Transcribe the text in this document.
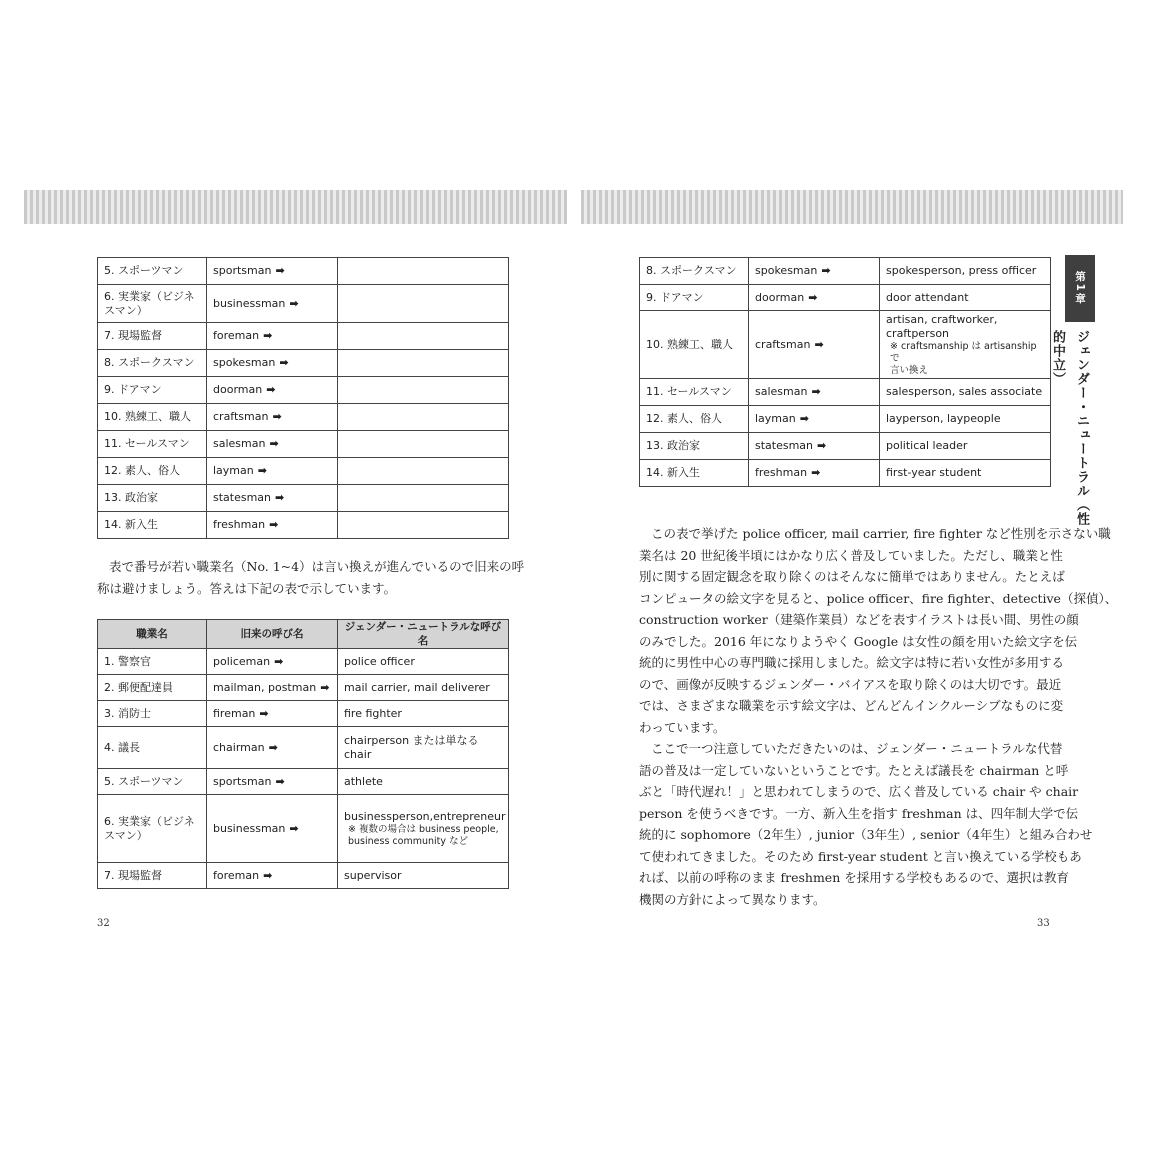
5. スポーツマン	sportsman ➡	

6. 実業家（ビジネ
スマン）	businessman ➡	

7. 現場監督	foreman ➡	

8. スポークスマン	spokesman ➡	

9. ドアマン	doorman ➡	

10. 熟練工、職人	craftsman ➡	

11. セールスマン	salesman ➡	

12. 素人、俗人	layman ➡	

13. 政治家	statesman ➡	

14. 新入生	freshman ➡	
表で番号が若い職業名（No. 1~4）は言い換えが進んでいるので旧来の呼
称は避けましょう。答えは下記の表で示しています。
職業名	旧来の呼び名	ジェンダー・ニュートラルな呼び名

1. 警察官	policeman ➡	police officer

2. 郵便配達員	mailman, postman ➡	mail carrier, mail deliverer

3. 消防士	fireman ➡	fire fighter

4. 議長	chairman ➡	chairperson または単なるchair

5. スポーツマン	sportsman ➡	athlete

6. 実業家（ビジネ
スマン）	businessman ➡	businessperson,entrepreneur
※ 複数の場合は business people,
business community など

7. 現場監督	foreman ➡	supervisor
32
8. スポークスマン	spokesman ➡	spokesperson, press officer

9. ドアマン	doorman ➡	door attendant

10. 熟練工、職人	craftsman ➡	artisan, craftworker, craftperson
※ craftsmanship は artisanship で
言い換え

11. セールスマン	salesman ➡	salesperson, sales associate

12. 素人、俗人	layman ➡	layperson, laypeople

13. 政治家	statesman ➡	political leader

14. 新入生	freshman ➡	first-year student
この表で挙げた police officer, mail carrier, fire fighter など性別を示さない職
業名は 20 世紀後半頃にはかなり広く普及していました。ただし、職業と性
別に関する固定観念を取り除くのはそんなに簡単ではありません。たとえば
コンピュータの絵文字を見ると、police officer、fire fighter、detective（探偵）、
construction worker（建築作業員）などを表すイラストは長い間、男性の顔
のみでした。2016 年になりようやく Google は女性の顔を用いた絵文字を伝
統的に男性中心の専門職に採用しました。絵文字は特に若い女性が多用する
ので、画像が反映するジェンダー・バイアスを取り除くのは大切です。最近
では、さまざまな職業を示す絵文字は、どんどんインクルーシブなものに変
わっています。
ここで一つ注意していただきたいのは、ジェンダー・ニュートラルな代替
語の普及は一定していないということです。たとえば議長を chairman と呼
ぶと「時代遅れ！」と思われてしまうので、広く普及している chair や chair
person を使うべきです。一方、新入生を指す freshman は、四年制大学で伝
統的に sophomore（2年生）, junior（3年生）, senior（4年生）と組み合わせ
て使われてきました。そのため first-year student と言い換えている学校もあ
れば、以前の呼称のまま freshmen を採用する学校もあるので、選択は教育
機関の方針によって異なります。
第1章
ジェンダー・ニュートラル（性的中立）
33
